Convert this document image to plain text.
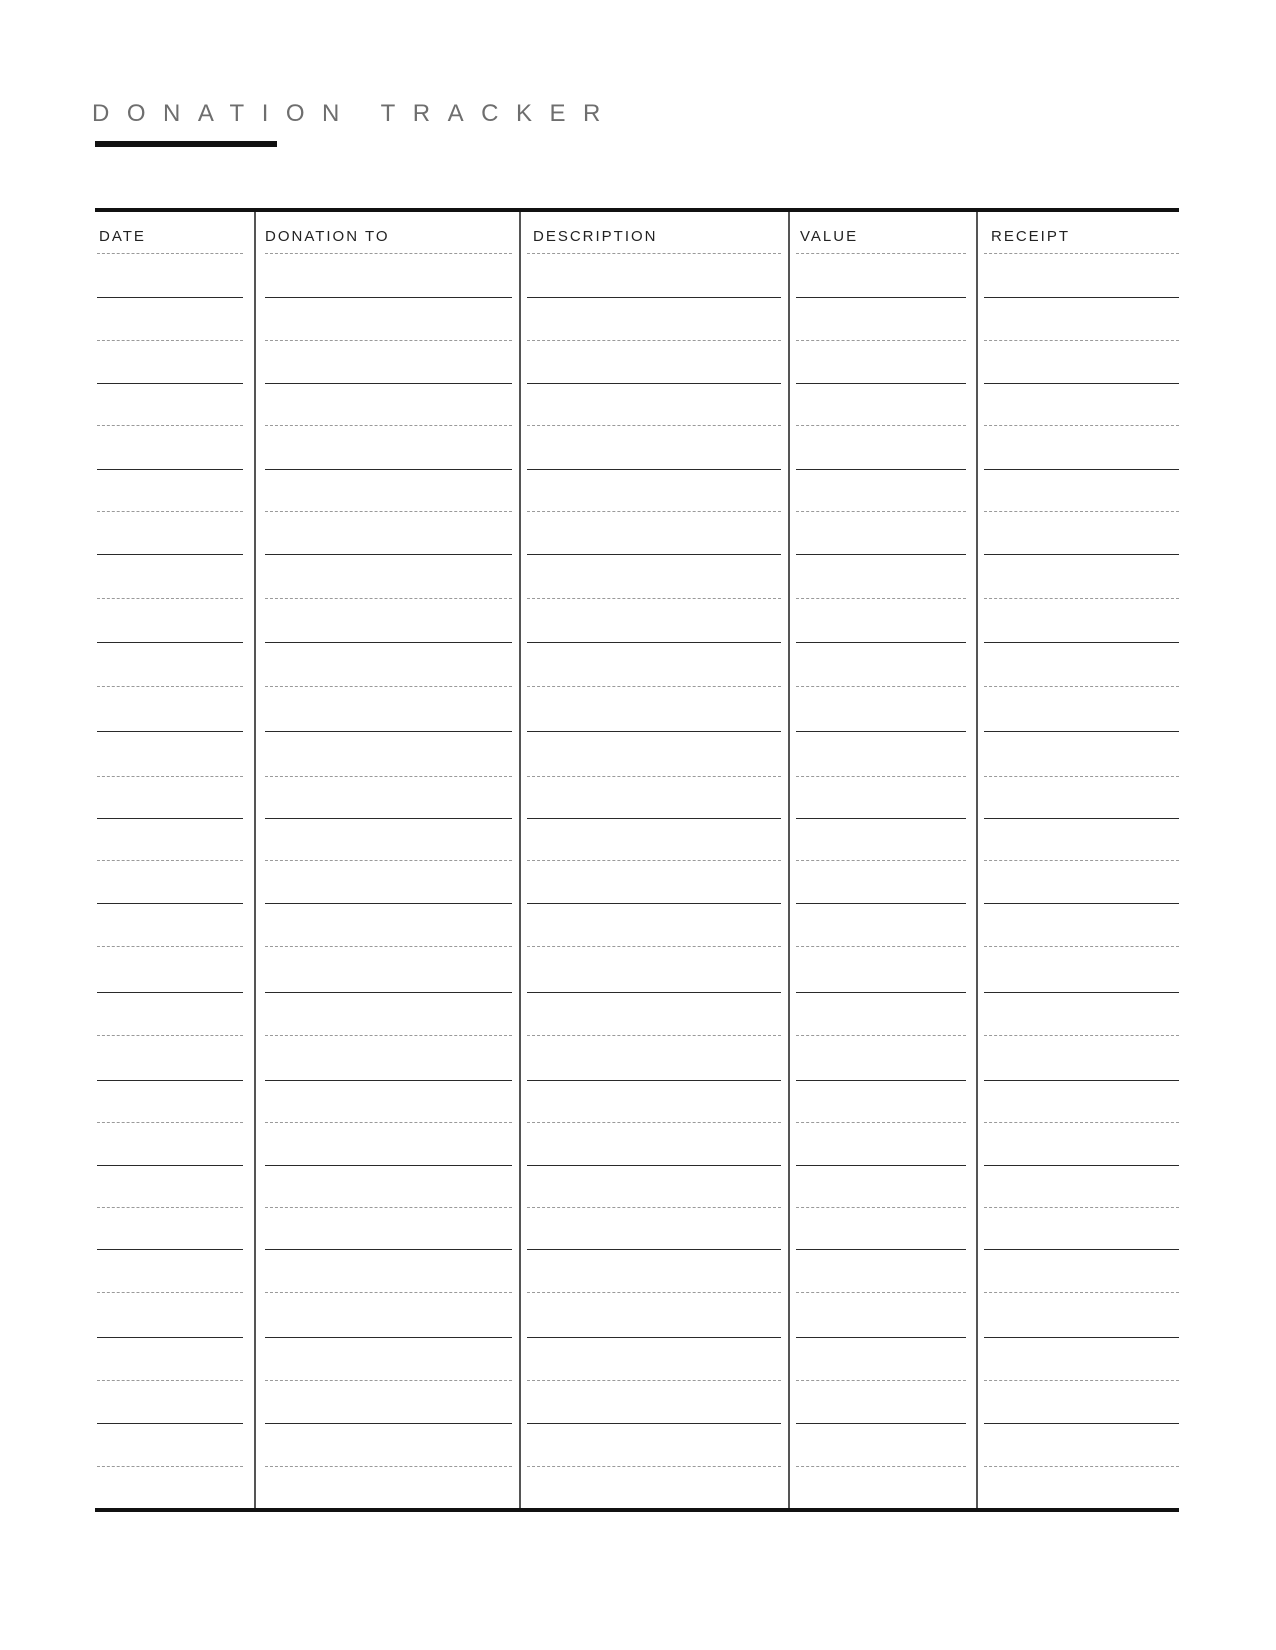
DONATION TRACKER
DATE	DONATION TO	DESCRIPTION	VALUE	RECEIPT
